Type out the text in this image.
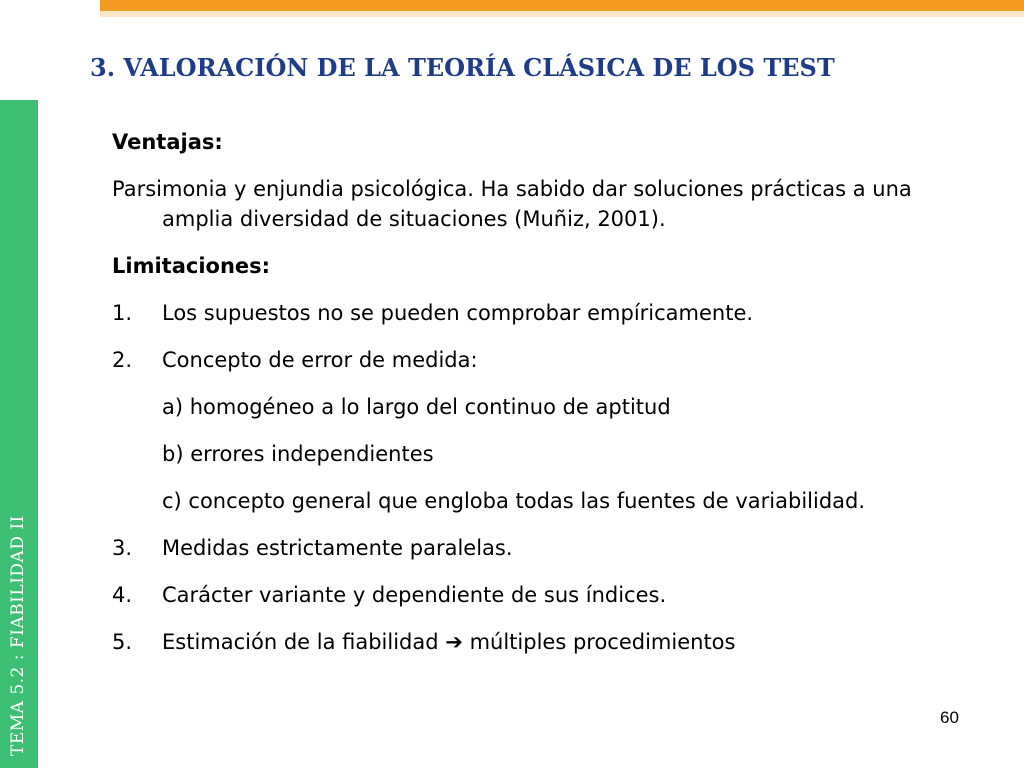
3. VALORACIÓN DE LA TEORÍA CLÁSICA DE LOS TEST
TEMA 5.2 : FIABILIDAD II

Ventajas:

Parsimonia y enjundia psicológica. Ha sabido dar soluciones prácticas a una amplia diversidad de situaciones (Muñiz, 2001).

Limitaciones:

1. Los supuestos no se pueden comprobar empíricamente.

2. Concepto de error de medida:

a) homogéneo a lo largo del continuo de aptitud

b) errores independientes

c) concepto general que engloba todas las fuentes de variabilidad.

3. Medidas estrictamente paralelas.

4. Carácter variante y dependiente de sus índices.

5. Estimación de la fiabilidad ➔ múltiples procedimientos

60
